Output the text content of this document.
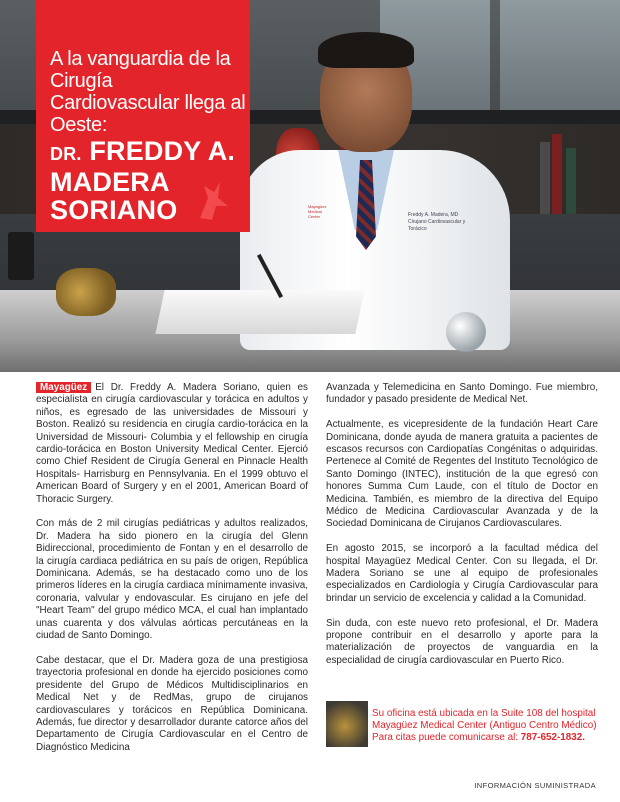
Mayagüez Medical Center	Freddy A. Madera, MD
Cirujano Cardiovascular y Torácico
A la vanguardia de la Cirugía Cardiovascular llega al Oeste:
DR. FREDDY A. MADERA SORIANO

Mayagüez El Dr. Freddy A. Madera Soriano, quien es especialista en cirugía cardiovascular y torácica en adultos y niños, es egresado de las universidades de Missouri y Boston. Realizó su residencia en cirugía cardio-torácica en la Universidad de Missouri- Columbia y el fellowship en cirugía cardio-torácica en Boston University Medical Center. Ejerció como Chief Resident de Cirugía General en Pinnacle Health Hospitals- Harrisburg en Pennsylvania. En el 1999 obtuvo el American Board of Surgery y en el 2001, American Board of Thoracic Surgery.

Con más de 2 mil cirugías pediátricas y adultos realizados, Dr. Madera ha sido pionero en la cirugía del Glenn Bidireccional, procedimiento de Fontan y en el desarrollo de la cirugía cardiaca pediátrica en su país de origen, República Dominicana. Además, se ha destacado como uno de los primeros líderes en la cirugía cardiaca mínimamente invasiva, coronaria, valvular y endovascular. Es cirujano en jefe del "Heart Team" del grupo médico MCA, el cual han implantado unas cuarenta y dos válvulas aórticas percutáneas en la ciudad de Santo Domingo.

Cabe destacar, que el Dr. Madera goza de una prestigiosa trayectoria profesional en donde ha ejercido posiciones como presidente del Grupo de Médicos Multidisciplinarios en Medical Net y de RedMas, grupo de cirujanos cardiovasculares y torácicos en República Dominicana. Además, fue director y desarrollador durante catorce años del Departamento de Cirugía Cardiovascular en el Centro de Diagnóstico Medicina

Avanzada y Telemedicina en Santo Domingo. Fue miembro, fundador y pasado presidente de Medical Net.

Actualmente, es vicepresidente de la fundación Heart Care Dominicana, donde ayuda de manera gratuita a pacientes de escasos recursos con Cardiopatías Congénitas o adquiridas. Pertenece al Comité de Regentes del Instituto Tecnológico de Santo Domingo (INTEC), institución de la que egresó con honores Summa Cum Laude, con el título de Doctor en Medicina. También, es miembro de la directiva del Equipo Médico de Medicina Cardiovascular Avanzada y de la Sociedad Dominicana de Cirujanos Cardiovasculares.

En agosto 2015, se incorporó a la facultad médica del hospital Mayagüez Medical Center. Con su llegada, el Dr. Madera Soriano se une al equipo de profesionales especializados en Cardiología y Cirugía Cardiovascular para brindar un servicio de excelencia y calidad a la Comunidad.

Sin duda, con este nuevo reto profesional, el Dr. Madera propone contribuir en el desarrollo y aporte para la materialización de proyectos de vanguardia en la especialidad de cirugía cardiovascular en Puerto Rico.

Su oficina está ubicada en la Suite 108 del hospital Mayagüez Medical Center (Antiguo Centro Médico) Para citas puede comunicarse al: 787-652-1832.
INFORMACIÓN SUMINISTRADA
